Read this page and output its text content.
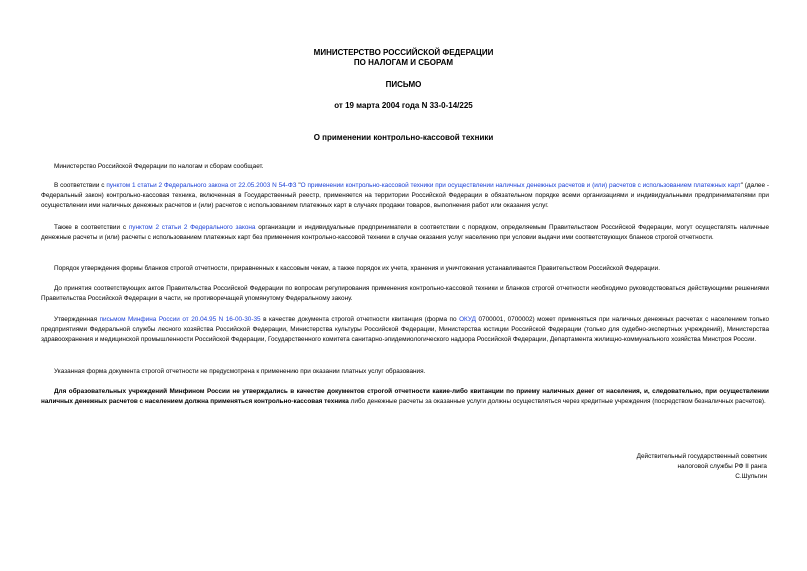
МИНИСТЕРСТВО РОССИЙСКОЙ ФЕДЕРАЦИИ
ПО НАЛОГАМ И СБОРАМ
ПИСЬМО
от 19 марта 2004 года N 33-0-14/225
О применении контрольно-кассовой техники

Министерство Российской Федерации по налогам и сборам сообщает.

В соответствии с пунктом 1 статьи 2 Федерального закона от 22.05.2003 N 54-ФЗ "О применении контрольно-кассовой техники при осуществлении наличных денежных расчетов и (или) расчетов с использованием платежных карт" (далее - Федеральный закон) контрольно-кассовая техника, включенная в Государственный реестр, применяется на территории Российской Федерации в обязательном порядке всеми организациями и индивидуальными предпринимателями при осуществлении ими наличных денежных расчетов и (или) расчетов с использованием платежных карт в случаях продажи товаров, выполнения работ или оказания услуг.

Также в соответствии с пунктом 2 статьи 2 Федерального закона организации и индивидуальные предприниматели в соответствии с порядком, определяемым Правительством Российской Федерации, могут осуществлять наличные денежные расчеты и (или) расчеты с использованием платежных карт без применения контрольно-кассовой техники в случае оказания услуг населению при условии выдачи ими соответствующих бланков строгой отчетности.

Порядок утверждения формы бланков строгой отчетности, приравненных к кассовым чекам, а также порядок их учета, хранения и уничтожения устанавливается Правительством Российской Федерации.

До принятия соответствующих актов Правительства Российской Федерации по вопросам регулирования применения контрольно-кассовой техники и бланков строгой отчетности необходимо руководствоваться действующими решениями Правительства Российской Федерации в части, не противоречащей упомянутому Федеральному закону.

Утвержденная письмом Минфина России от 20.04.95 N 16-00-30-35 в качестве документа строгой отчетности квитанция (форма по ОКУД 0700001, 0700002) может применяться при наличных денежных расчетах с населением только предприятиями Федеральной службы лесного хозяйства Российской Федерации, Министерства культуры Российской Федерации, Министерства юстиции Российской Федерации (только для судебно-экспертных учреждений), Министерства здравоохранения и медицинской промышленности Российской Федерации, Государственного комитета санитарно-эпидемиологического надзора Российской Федерации, Департамента жилищно-коммунального хозяйства Минстроя России.

Указанная форма документа строгой отчетности не предусмотрена к применению при оказании платных услуг образования.

Для образовательных учреждений Минфином России не утверждались в качестве документов строгой отчетности какие-либо квитанции по приему наличных денег от населения, и, следовательно, при осуществлении наличных денежных расчетов с населением должна применяться контрольно-кассовая техника либо денежные расчеты за оказанные услуги должны осуществляться через кредитные учреждения (посредством безналичных расчетов).

Действительный государственный советник
налоговой службы РФ II ранга
С.Шульгин
